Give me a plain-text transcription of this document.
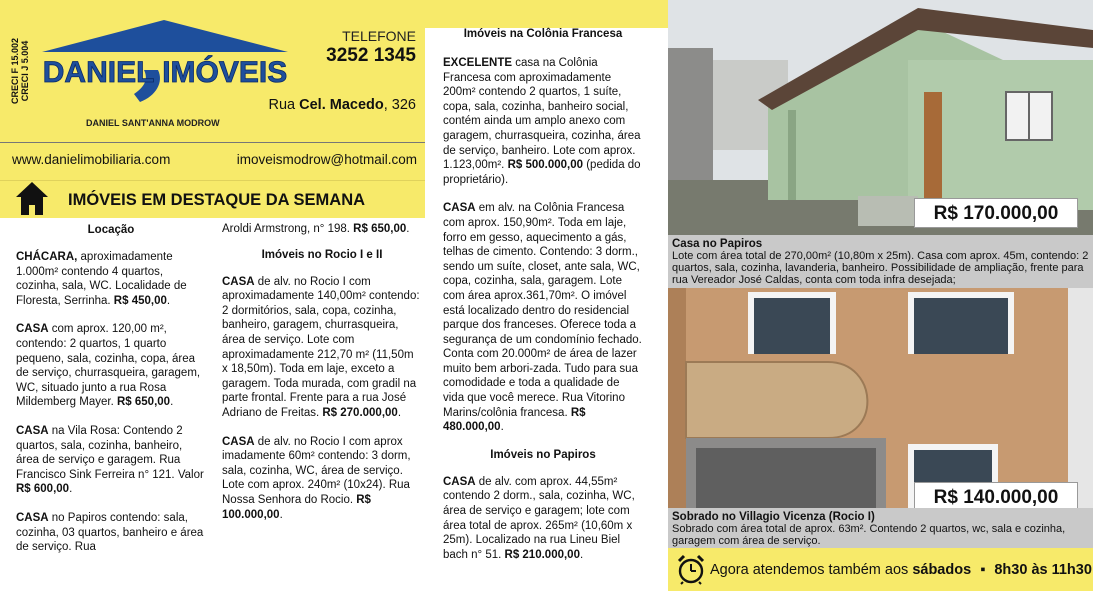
CRECI F 15.002 CRECI J 5.004 DANIEL IMÓVEIS
DANIEL SANT'ANNA MODROW
TELEFONE
3252 1345
Rua Cel. Macedo, 326
www.danielimobiliaria.com	imoveismodrow@hotmail.com
IMÓVEIS EM DESTAQUE DA SEMANA
Locação

CHÁCARA, aproximadamente 1.000m² contendo 4 quartos, cozinha, sala, WC. Localidade de Floresta, Serrinha. R$ 450,00.

CASA com aprox. 120,00 m², contendo: 2 quartos, 1 quarto pequeno, sala, cozinha, copa, área de serviço, churrasqueira, garagem, WC, situado junto a rua Rosa Mildemberg Mayer. R$ 650,00.

CASA na Vila Rosa: Contendo 2 quartos, sala, cozinha, banheiro, área de serviço e garagem. Rua Francisco Sink Ferreira n° 121. Valor R$ 600,00.

CASA no Papiros contendo: sala, cozinha, 03 quartos, banheiro e área de serviço. Rua

Aroldi Armstrong, n° 198. R$ 650,00.

Imóveis no Rocio I e II

CASA de alv. no Rocio I com aproximadamente 140,00m² contendo: 2 dormitórios, sala, copa, cozinha, banheiro, garagem, churrasqueira, área de serviço. Lote com aproximadamente 212,70 m² (11,50m x 18,50m). Toda em laje, exceto a garagem. Toda murada, com gradil na parte frontal. Frente para a rua José Adriano de Freitas. R$ 270.000,00.

CASA de alv. no Rocio I com aprox imadamente 60m² contendo: 3 dorm, sala, cozinha, WC, área de serviço. Lote com aprox. 240m² (10x24). Rua Nossa Senhora do Rocio. R$ 100.000,00.

Imóveis na Colônia Francesa

EXCELENTE casa na Colônia Francesa com aproximadamente 200m² contendo 2 quartos, 1 suíte, copa, sala, cozinha, banheiro social, contém ainda um amplo anexo com garagem, churrasqueira, cozinha, área de serviço, banheiro. Lote com aprox. 1.123,00m². R$ 500.000,00 (pedida do proprietário).

CASA em alv. na Colônia Francesa com aprox. 150,90m². Toda em laje, forro em gesso, aquecimento a gás, telhas de cimento. Contendo: 3 dorm., sendo um suíte, closet, ante sala, WC, copa, cozinha, sala, garagem. Lote com área aprox.361,70m². O imóvel está localizado dentro do residencial parque dos franceses. Oferece toda a segurança de um condomínio fechado. Conta com 20.000m² de área de lazer muito bem arbori-zada. Tudo para sua comodidade e toda a qualidade de vida que você merece. Rua Vitorino Marins/colônia francesa. R$ 480.000,00.

Imóveis no Papiros

CASA de alv. com aprox. 44,55m² contendo 2 dorm., sala, cozinha, WC, área de serviço e garagem; lote com área total de aprox. 265m² (10,60m x 25m). Localizado na rua Lineu Biel bach n° 51. R$ 210.000,00.

R$ 170.000,00
Casa no Papiros
Lote com área total de 270,00m² (10,80m x 25m). Casa com aprox. 45m, contendo: 2 quartos, sala, cozinha, lavanderia, banheiro. Possibilidade de ampliação, frente para rua Vereador José Caldas, conta com toda infra desejada;
R$ 140.000,00
Sobrado no Villagio Vicenza (Rocio I)
Sobrado com área total de aprox. 63m². Contendo 2 quartos, wc, sala e cozinha, garagem com área de serviço.
Agora atendemos também aos sábados ▪ 8h30 às 11h30
